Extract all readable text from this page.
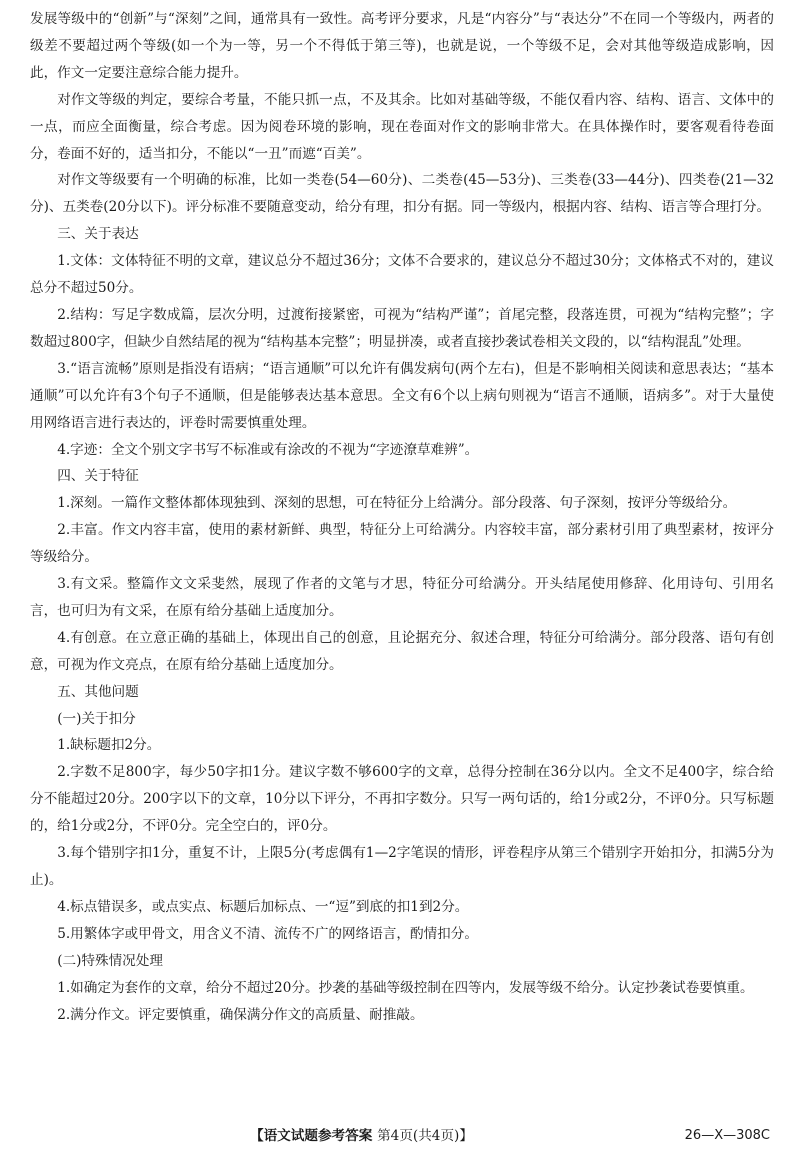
发展等级中的“创新”与“深刻”之间，通常具有一致性。高考评分要求，凡是“内容分”与“表达分”不在同一个等级内，两者的级差不要超过两个等级(如一个为一等，另一个不得低于第三等)，也就是说，一个等级不足，会对其他等级造成影响，因此，作文一定要注意综合能力提升。

对作文等级的判定，要综合考量，不能只抓一点，不及其余。比如对基础等级，不能仅看内容、结构、语言、文体中的一点，而应全面衡量，综合考虑。因为阅卷环境的影响，现在卷面对作文的影响非常大。在具体操作时，要客观看待卷面分，卷面不好的，适当扣分，不能以“一丑”而遮“百美”。

对作文等级要有一个明确的标准，比如一类卷(54—60分)、二类卷(45—53分)、三类卷(33—44分)、四类卷(21—32分)、五类卷(20分以下)。评分标准不要随意变动，给分有理，扣分有据。同一等级内，根据内容、结构、语言等合理打分。

三、关于表达

1.文体：文体特征不明的文章，建议总分不超过36分；文体不合要求的，建议总分不超过30分；文体格式不对的，建议总分不超过50分。

2.结构：写足字数成篇，层次分明，过渡衔接紧密，可视为“结构严谨”；首尾完整，段落连贯，可视为“结构完整”；字数超过800字，但缺少自然结尾的视为“结构基本完整”；明显拼凑，或者直接抄袭试卷相关文段的，以“结构混乱”处理。

3.“语言流畅”原则是指没有语病；“语言通顺”可以允许有偶发病句(两个左右)，但是不影响相关阅读和意思表达；“基本通顺”可以允许有3个句子不通顺，但是能够表达基本意思。全文有6个以上病句则视为“语言不通顺，语病多”。对于大量使用网络语言进行表达的，评卷时需要慎重处理。

4.字迹：全文个别文字书写不标准或有涂改的不视为“字迹潦草难辨”。

四、关于特征

1.深刻。一篇作文整体都体现独到、深刻的思想，可在特征分上给满分。部分段落、句子深刻，按评分等级给分。

2.丰富。作文内容丰富，使用的素材新鲜、典型，特征分上可给满分。内容较丰富，部分素材引用了典型素材，按评分等级给分。

3.有文采。整篇作文文采斐然，展现了作者的文笔与才思，特征分可给满分。开头结尾使用修辞、化用诗句、引用名言，也可归为有文采，在原有给分基础上适度加分。

4.有创意。在立意正确的基础上，体现出自己的创意，且论据充分、叙述合理，特征分可给满分。部分段落、语句有创意，可视为作文亮点，在原有给分基础上适度加分。

五、其他问题

(一)关于扣分

1.缺标题扣2分。

2.字数不足800字，每少50字扣1分。建议字数不够600字的文章，总得分控制在36分以内。全文不足400字，综合给分不能超过20分。200字以下的文章，10分以下评分，不再扣字数分。只写一两句话的，给1分或2分，不评0分。只写标题的，给1分或2分，不评0分。完全空白的，评0分。

3.每个错别字扣1分，重复不计，上限5分(考虑偶有1—2字笔误的情形，评卷程序从第三个错别字开始扣分，扣满5分为止)。

4.标点错误多，或点实点、标题后加标点、一“逗”到底的扣1到2分。

5.用繁体字或甲骨文，用含义不清、流传不广的网络语言，酌情扣分。

(二)特殊情况处理

1.如确定为套作的文章，给分不超过20分。抄袭的基础等级控制在四等内，发展等级不给分。认定抄袭试卷要慎重。

2.满分作文。评定要慎重，确保满分作文的高质量、耐推敲。

【语文试题参考答案 第4页(共4页)】	26—X—308C
